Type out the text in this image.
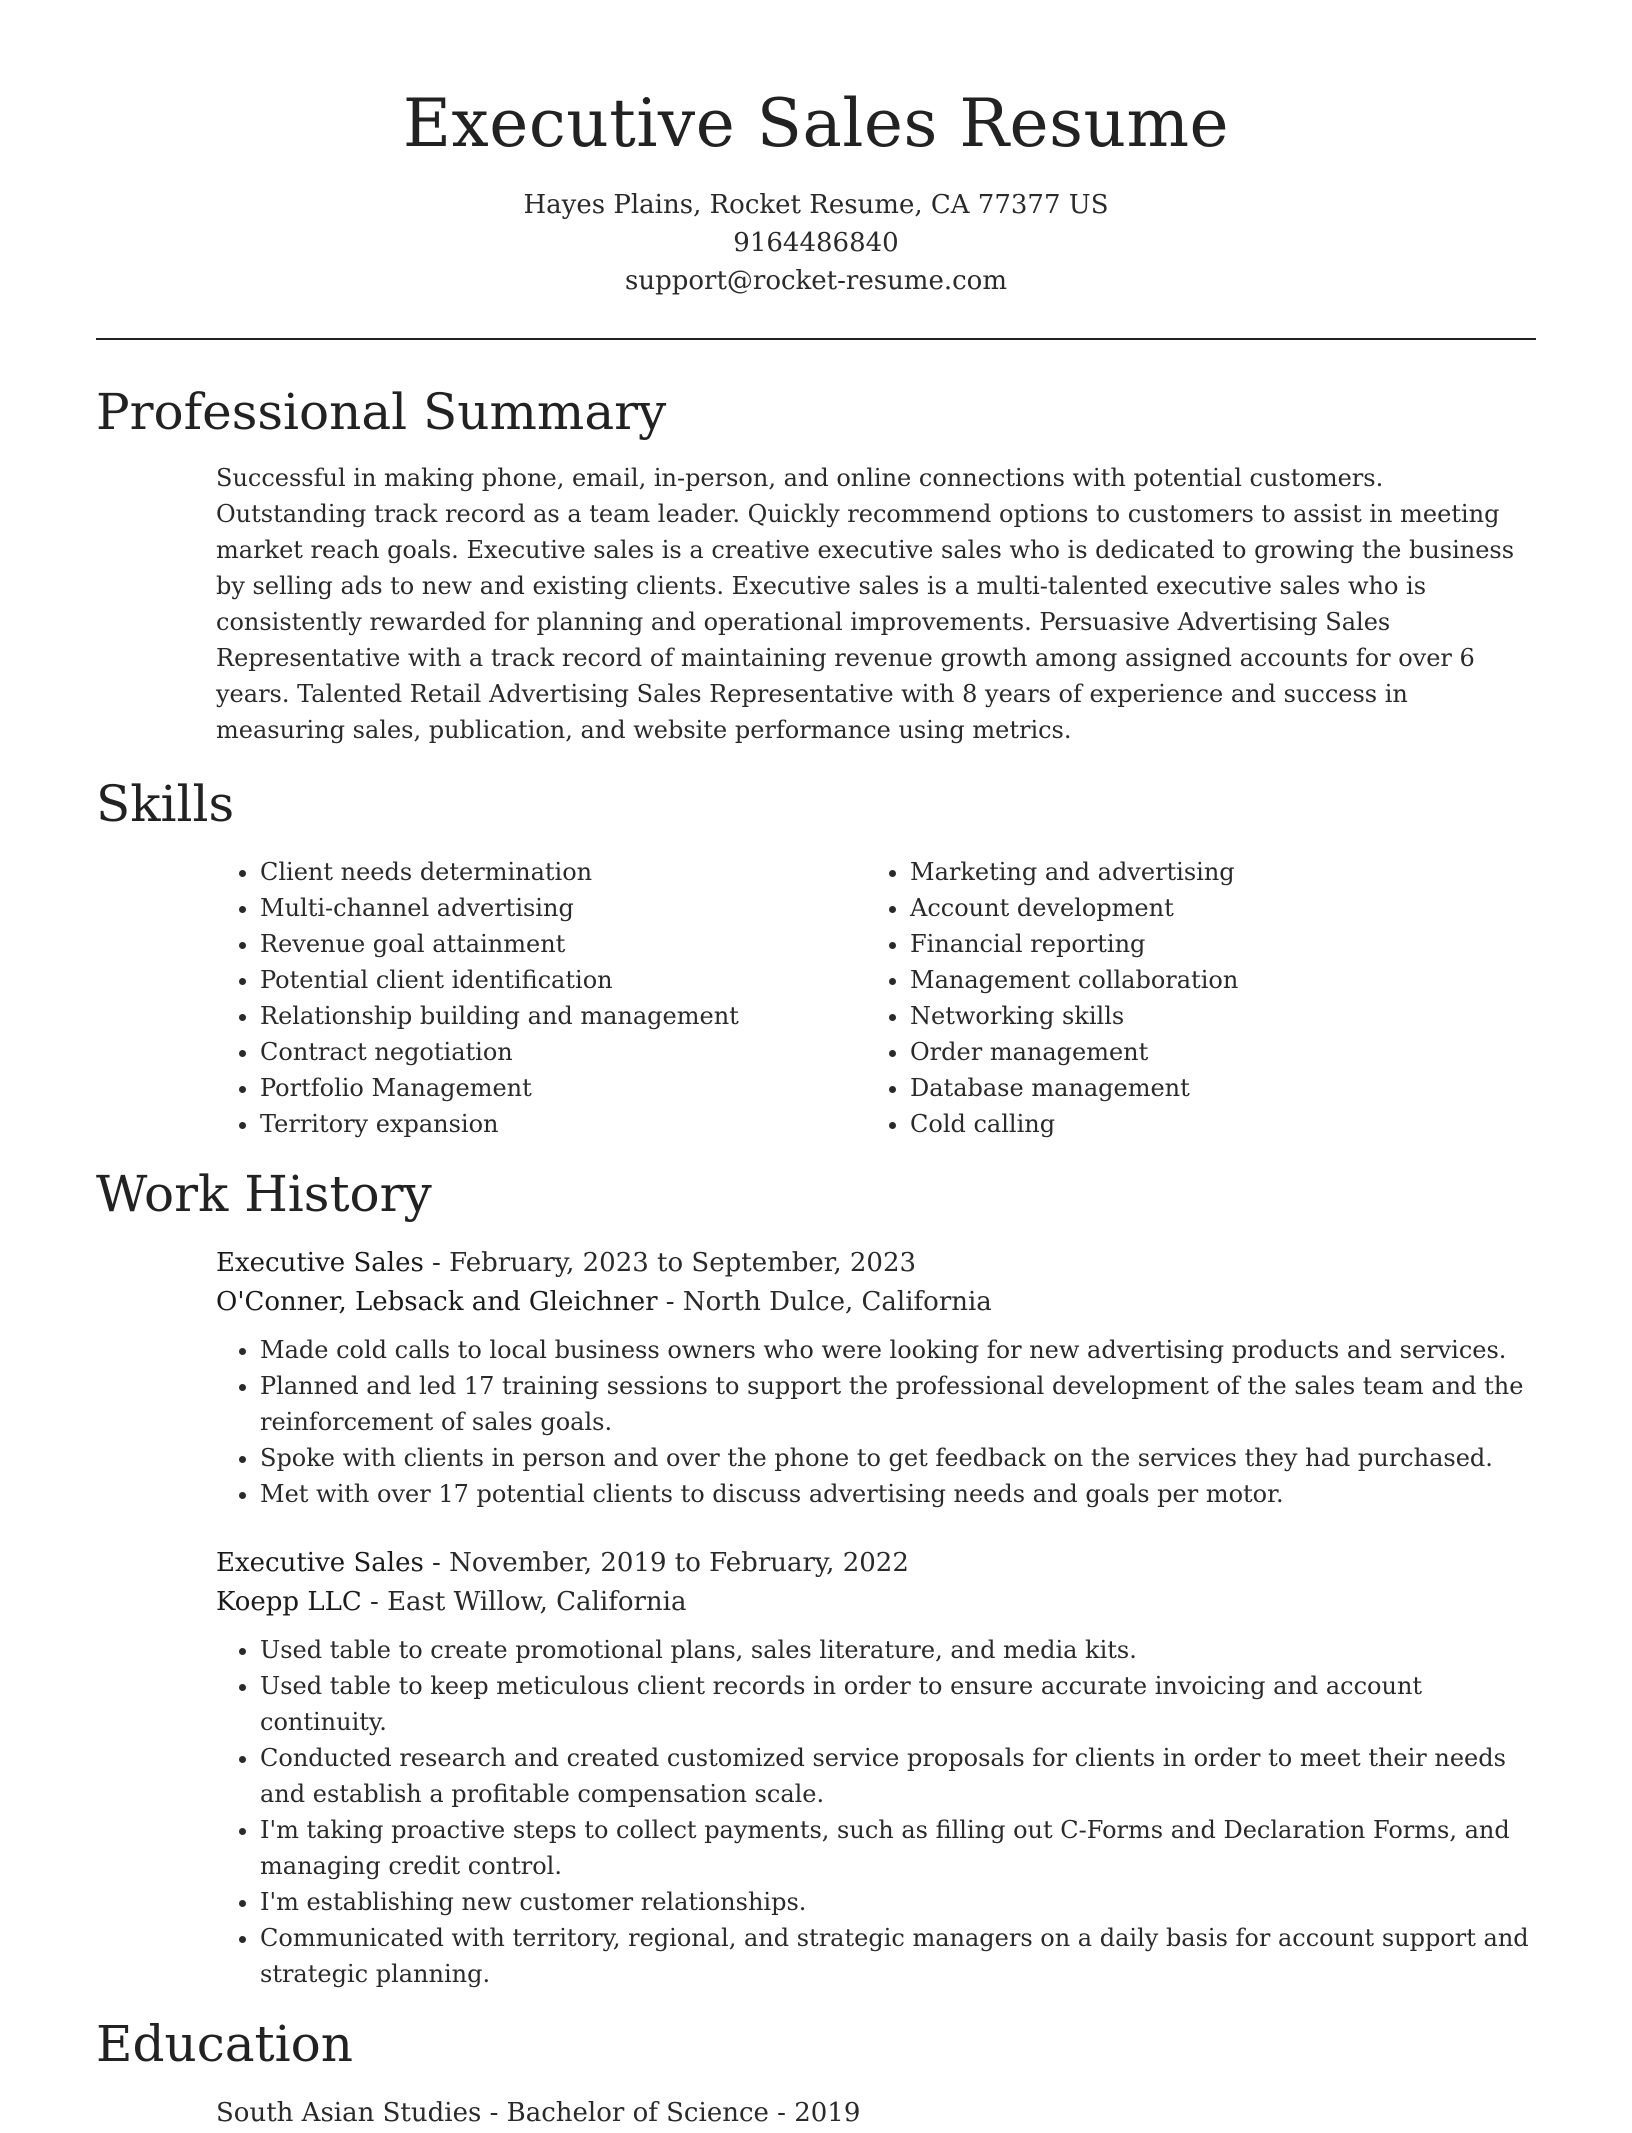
Executive Sales Resume
Hayes Plains, Rocket Resume, CA 77377 US
9164486840
support@rocket-resume.com
Professional Summary
Successful in making phone, email, in-person, and online connections with potential customers. Outstanding track record as a team leader. Quickly recommend options to customers to assist in meeting market reach goals. Executive sales is a creative executive sales who is dedicated to growing the business by selling ads to new and existing clients. Executive sales is a multi-talented executive sales who is consistently rewarded for planning and operational improvements. Persuasive Advertising Sales Representative with a track record of maintaining revenue growth among assigned accounts for over 6 years. Talented Retail Advertising Sales Representative with 8 years of experience and success in measuring sales, publication, and website performance using metrics.
Skills
• Client needs determination
• Multi-channel advertising
• Revenue goal attainment
• Potential client identification
• Relationship building and management
• Contract negotiation
• Portfolio Management
• Territory expansion
• Marketing and advertising
• Account development
• Financial reporting
• Management collaboration
• Networking skills
• Order management
• Database management
• Cold calling
Work History
Executive Sales - February, 2023 to September, 2023
O'Conner, Lebsack and Gleichner - North Dulce, California
• Made cold calls to local business owners who were looking for new advertising products and services.
• Planned and led 17 training sessions to support the professional development of the sales team and the reinforcement of sales goals.
• Spoke with clients in person and over the phone to get feedback on the services they had purchased.
• Met with over 17 potential clients to discuss advertising needs and goals per motor.
Executive Sales - November, 2019 to February, 2022
Koepp LLC - East Willow, California
• Used table to create promotional plans, sales literature, and media kits.
• Used table to keep meticulous client records in order to ensure accurate invoicing and account continuity.
• Conducted research and created customized service proposals for clients in order to meet their needs and establish a profitable compensation scale.
• I'm taking proactive steps to collect payments, such as filling out C-Forms and Declaration Forms, and managing credit control.
• I'm establishing new customer relationships.
• Communicated with territory, regional, and strategic managers on a daily basis for account support and strategic planning.
Education
South Asian Studies - Bachelor of Science - 2019
